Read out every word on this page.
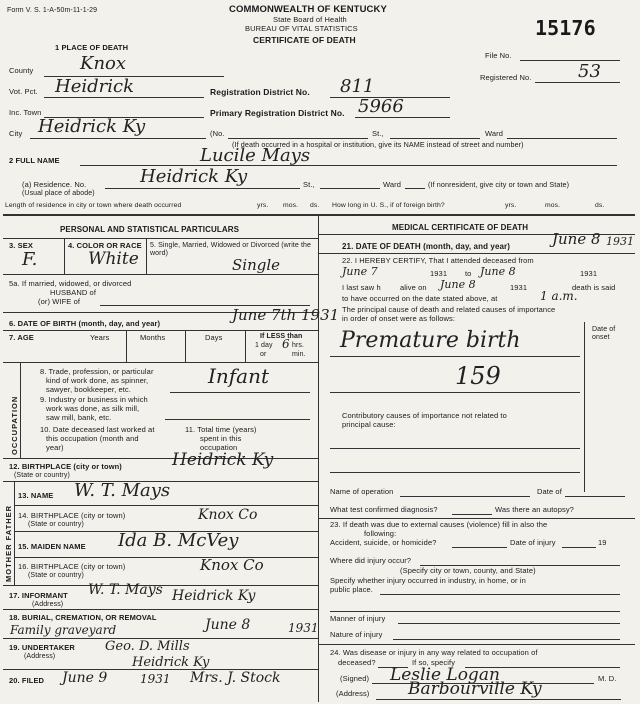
Form V. S. 1-A-50m-11-1-29	COMMONWEALTH OF KENTUCKY
State Board of Health
BUREAU OF VITAL STATISTICS
CERTIFICATE OF DEATH	15176
File No.
Registered No.	53
1 PLACE OF DEATH
County	Knox
Vot. Pct. Heidrick	Registration District No. 811
Inc. Town	Primary Registration District No. 5966
City Heidrick Ky	(No.	St.,	Ward
(If death occurred in a hospital or institution, give its NAME instead of street and number)
2 FULL NAME	Lucile Mays
(a) Residence. No.
(Usual place of abode)
Heidrick Ky	St.,	Ward	(If nonresident, give city or town and State)
Length of residence in city or town where death occurred	yrs. mos. ds. How long in U. S., if of foreign birth?	yrs.	mos.	ds.
PERSONAL AND STATISTICAL PARTICULARS
3. SEX
F.
4. COLOR OR RACE
White
5. Single, Married, Widowed or Divorced (write the word)
Single
5a. If married, widowed, or divorced
HUSBAND of
(or) WIFE of
6. DATE OF BIRTH (month, day, and year)	June 7th 1931
7. AGE	Years	Months	Days	If LESS than
1 day 6 hrs.
or	min.
OCCUPATION
8. Trade, profession, or particular
kind of work done, as spinner,
sawyer, bookkeeper, etc.
Infant
9. Industry or business in which
work was done, as silk mill,
saw mill, bank, etc.
10. Date deceased last worked at
this occupation (month and
year)
11. Total time (years)
spent in this
occupation
12. BIRTHPLACE (city or town)
(State or country)
Heidrick Ky
MOTHER FATHER
13. NAME W. T. Mays
14. BIRTHPLACE (city or town)
(State or country)
Knox Co
15. MAIDEN NAME Ida B. McVey
16. BIRTHPLACE (city or town)
(State or country)
Knox Co
17. INFORMANT
(Address)
W. T. Mays Heidrick Ky
18. BURIAL, CREMATION, OR REMOVAL
Family graveyard	June 8	1931
19. UNDERTAKER
(Address)
Geo. D. Mills
Heidrick Ky
20. FILED June 9	1931 Mrs. J. Stock
MEDICAL CERTIFICATE OF DEATH
21. DATE OF DEATH (month, day, and year)	June 8 1931
22. I HEREBY CERTIFY, That I attended deceased from
June 7	1931 to June 8	1931
I last saw h	alive on June 8	1931	death is said
to have occurred on the date stated above, at	1 a.m.
The principal cause of death and related causes of importance
in order of onset were as follows:
Date of onset
Premature birth
159
Contributory causes of importance not related to
principal cause:
Name of operation	Date of
What test confirmed diagnosis?	Was there an autopsy?
23. If death was due to external causes (violence) fill in also the
following:
Accident, suicide, or homicide?	Date of injury	19
Where did injury occur?
(Specify city or town, county, and State)
Specify whether injury occurred in industry, in home, or in
public place.
Manner of injury
Nature of injury
24. Was disease or injury in any way related to occupation of
deceased?	If so, specify
(Signed) Leslie Logan	M. D.
(Address) Barbourville Ky
